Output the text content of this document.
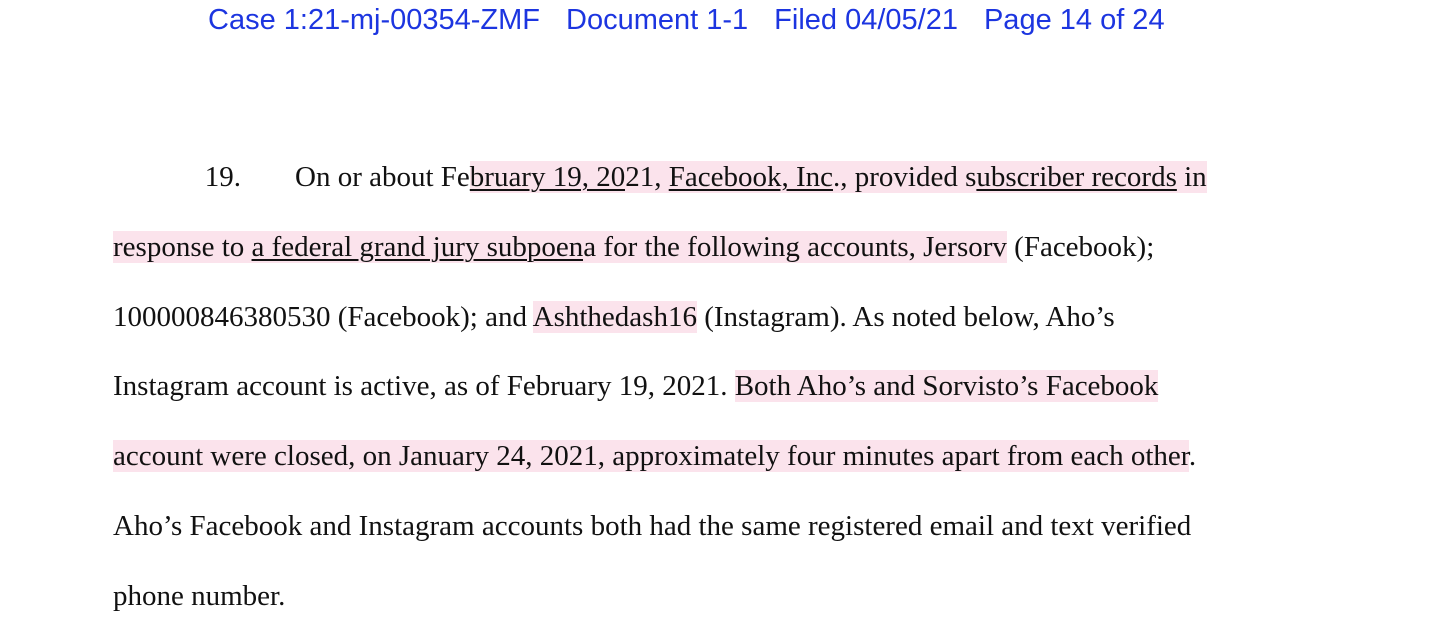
Case 1:21-mj-00354-ZMF Document 1-1 Filed 04/05/21 Page 14 of 24
19. On or about February 19, 2021, Facebook, Inc., provided subscriber records in
response to a federal grand jury subpoena for the following accounts, Jersorv (Facebook);
100000846380530 (Facebook); and Ashthedash16 (Instagram). As noted below, Aho’s
Instagram account is active, as of February 19, 2021. Both Aho’s and Sorvisto’s Facebook
account were closed, on January 24, 2021, approximately four minutes apart from each other.
Aho’s Facebook and Instagram accounts both had the same registered email and text verified
phone number.
